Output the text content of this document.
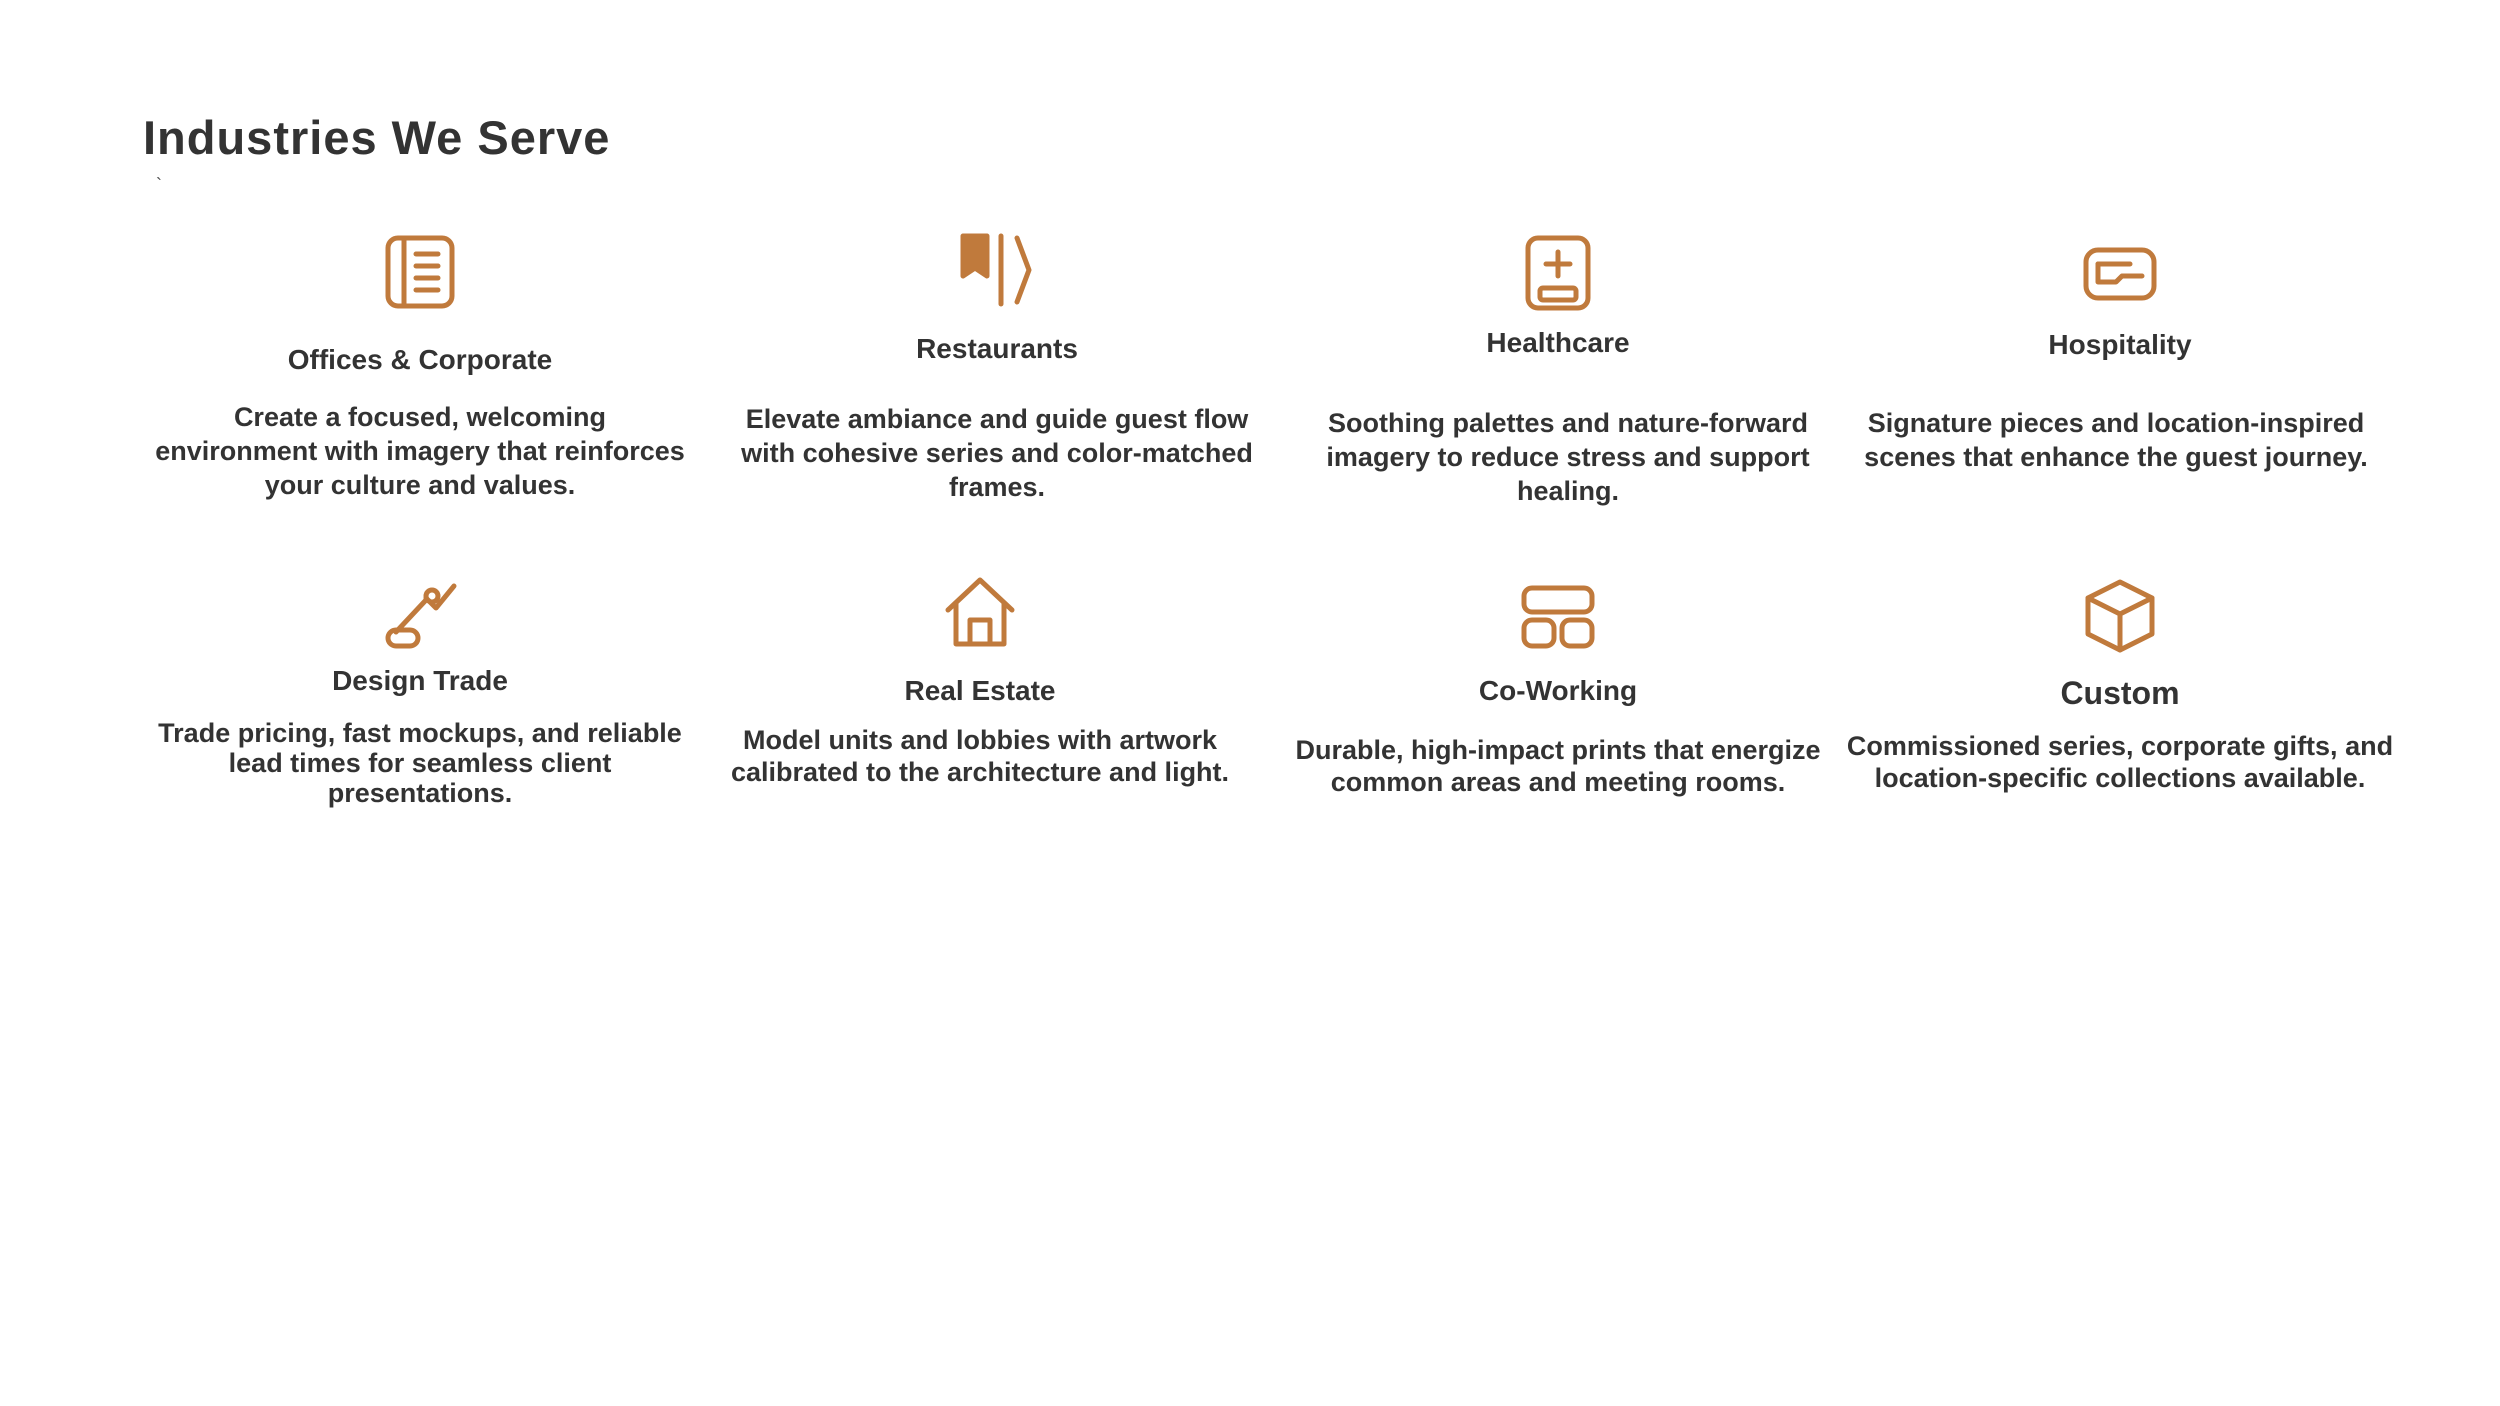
Industries We Serve
`
Offices & Corporate

Create a focused, welcoming environment with imagery that reinforces your culture and values.

Restaurants

Elevate ambiance and guide guest flow with cohesive series and color-matched frames.

Healthcare

Soothing palettes and nature-forward imagery to reduce stress and support healing.

Hospitality

Signature pieces and location-inspired scenes that enhance the guest journey.

Design Trade

Trade pricing, fast mockups, and reliable lead times for seamless client presentations.

Real Estate

Model units and lobbies with artwork calibrated to the architecture and light.

Co-Working

Durable, high-impact prints that energize common areas and meeting rooms.

Custom

Commissioned series, corporate gifts, and location-specific collections available.
